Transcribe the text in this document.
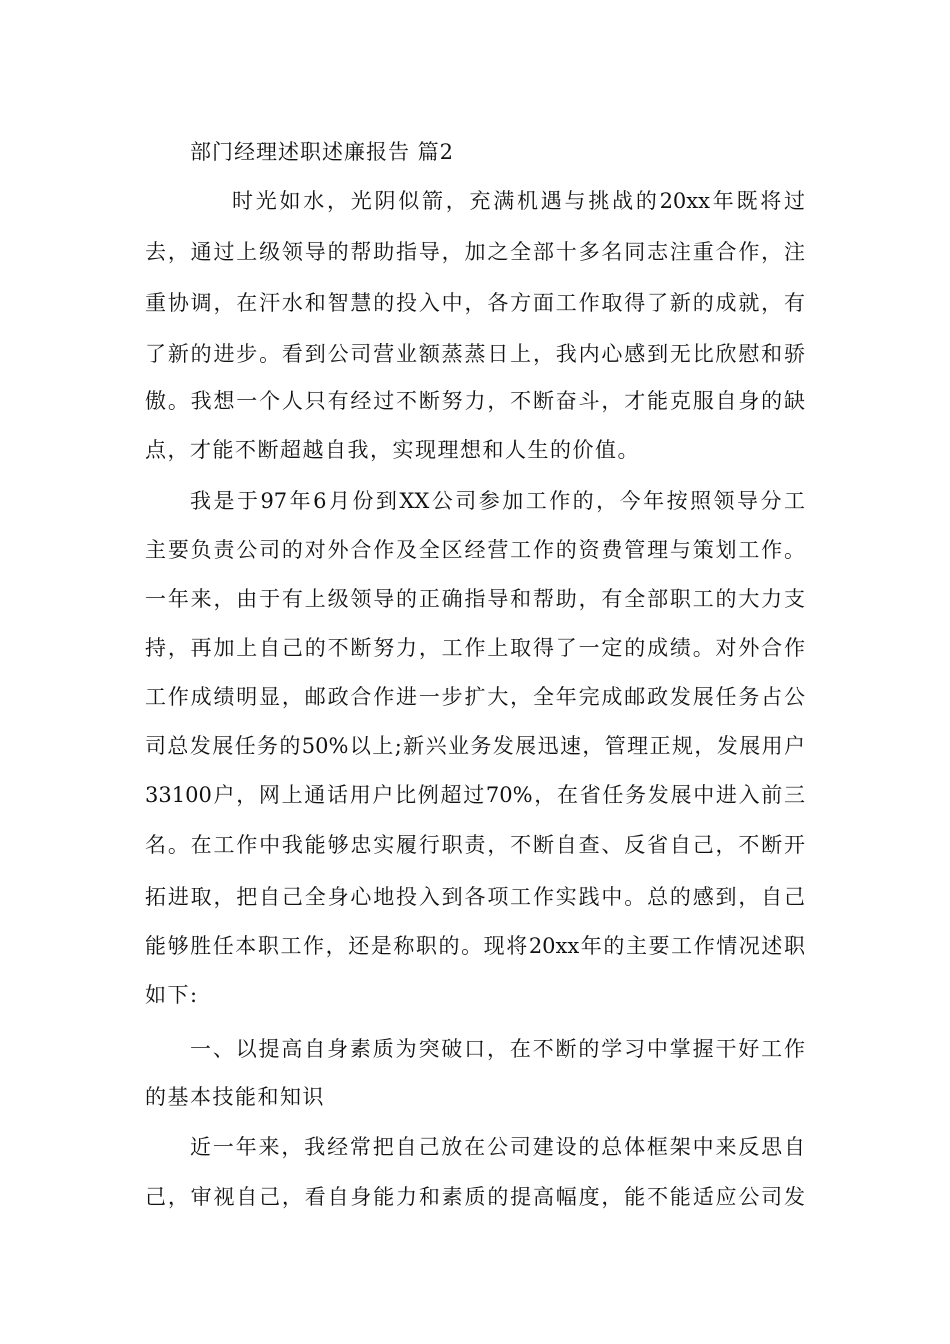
部门经理述职述廉报告 篇2
时光如水，光阴似箭，充满机遇与挑战的20xx年既将过
去，通过上级领导的帮助指导，加之全部十多名同志注重合作，注
重协调，在汗水和智慧的投入中，各方面工作取得了新的成就，有
了新的进步。看到公司营业额蒸蒸日上，我内心感到无比欣慰和骄
傲。我想一个人只有经过不断努力，不断奋斗，才能克服自身的缺
点，才能不断超越自我，实现理想和人生的价值。
我是于97年6月份到XX公司参加工作的，今年按照领导分工
主要负责公司的对外合作及全区经营工作的资费管理与策划工作。
一年来，由于有上级领导的正确指导和帮助，有全部职工的大力支
持，再加上自己的不断努力，工作上取得了一定的成绩。对外合作
工作成绩明显，邮政合作进一步扩大，全年完成邮政发展任务占公
司总发展任务的50%以上;新兴业务发展迅速，管理正规，发展用户
33100户，网上通话用户比例超过70%，在省任务发展中进入前三
名。在工作中我能够忠实履行职责，不断自查、反省自己，不断开
拓进取，把自己全身心地投入到各项工作实践中。总的感到，自己
能够胜任本职工作，还是称职的。现将20xx年的主要工作情况述职
如下:
一、以提高自身素质为突破口，在不断的学习中掌握干好工作
的基本技能和知识
近一年来，我经常把自己放在公司建设的总体框架中来反思自
己，审视自己，看自身能力和素质的提高幅度，能不能适应公司发
